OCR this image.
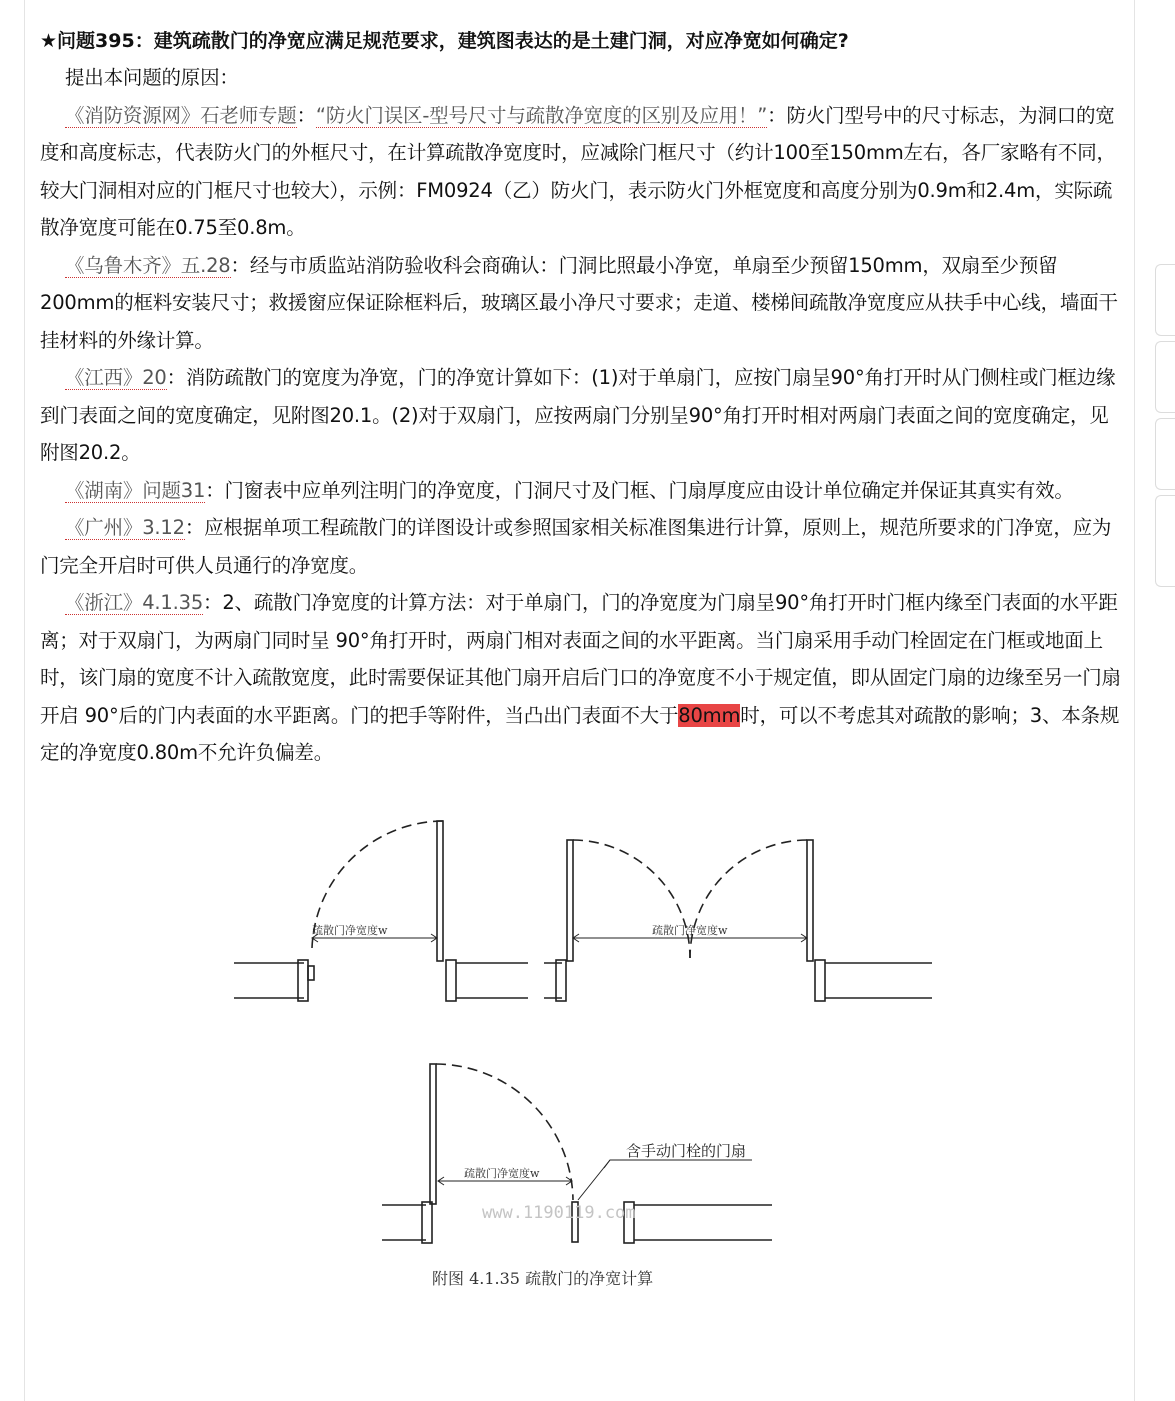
★问题395：建筑疏散门的净宽应满足规范要求，建筑图表达的是土建门洞，对应净宽如何确定?

提出本问题的原因：

《消防资源网》石老师专题：“防火门误区-型号尺寸与疏散净宽度的区别及应用！”：防火门型号中的尺寸标志，为洞口的宽度和高度标志，代表防火门的外框尺寸，在计算疏散净宽度时，应减除门框尺寸（约计100至150mm左右，各厂家略有不同，较大门洞相对应的门框尺寸也较大），示例：FM0924（乙）防火门，表示防火门外框宽度和高度分别为0.9m和2.4m，实际疏散净宽度可能在0.75至0.8m。

《乌鲁木齐》五.28：经与市质监站消防验收科会商确认：门洞比照最小净宽，单扇至少预留150mm，双扇至少预留200mm的框料安装尺寸；救援窗应保证除框料后，玻璃区最小净尺寸要求；走道、楼梯间疏散净宽度应从扶手中心线，墙面干挂材料的外缘计算。

《江西》20：消防疏散门的宽度为净宽，门的净宽计算如下：(1)对于单扇门，应按门扇呈90°角打开时从门侧柱或门框边缘到门表面之间的宽度确定，见附图20.1。(2)对于双扇门，应按两扇门分别呈90°角打开时相对两扇门表面之间的宽度确定，见附图20.2。

《湖南》问题31：门窗表中应单列注明门的净宽度，门洞尺寸及门框、门扇厚度应由设计单位确定并保证其真实有效。

《广州》3.12：应根据单项工程疏散门的详图设计或参照国家相关标准图集进行计算，原则上，规范所要求的门净宽，应为门完全开启时可供人员通行的净宽度。

《浙江》4.1.35：2、疏散门净宽度的计算方法：对于单扇门，门的净宽度为门扇呈90°角打开时门框内缘至门表面的水平距离；对于双扇门，为两扇门同时呈 90°角打开时，两扇门相对表面之间的水平距离。当门扇采用手动门栓固定在门框或地面上时，该门扇的宽度不计入疏散宽度，此时需要保证其他门扇开启后门口的净宽度不小于规定值，即从固定门扇的边缘至另一门扇开启 90°后的门内表面的水平距离。门的把手等附件，当凸出门表面不大于80mm时，可以不考虑其对疏散的影响；3、本条规定的净宽度0.80m不允许负偏差。

疏散门净宽度w	疏散门净宽度w
含手动门栓的门扇
疏散门净宽度w
www.1190119.com
附图 4.1.35 疏散门的净宽计算
